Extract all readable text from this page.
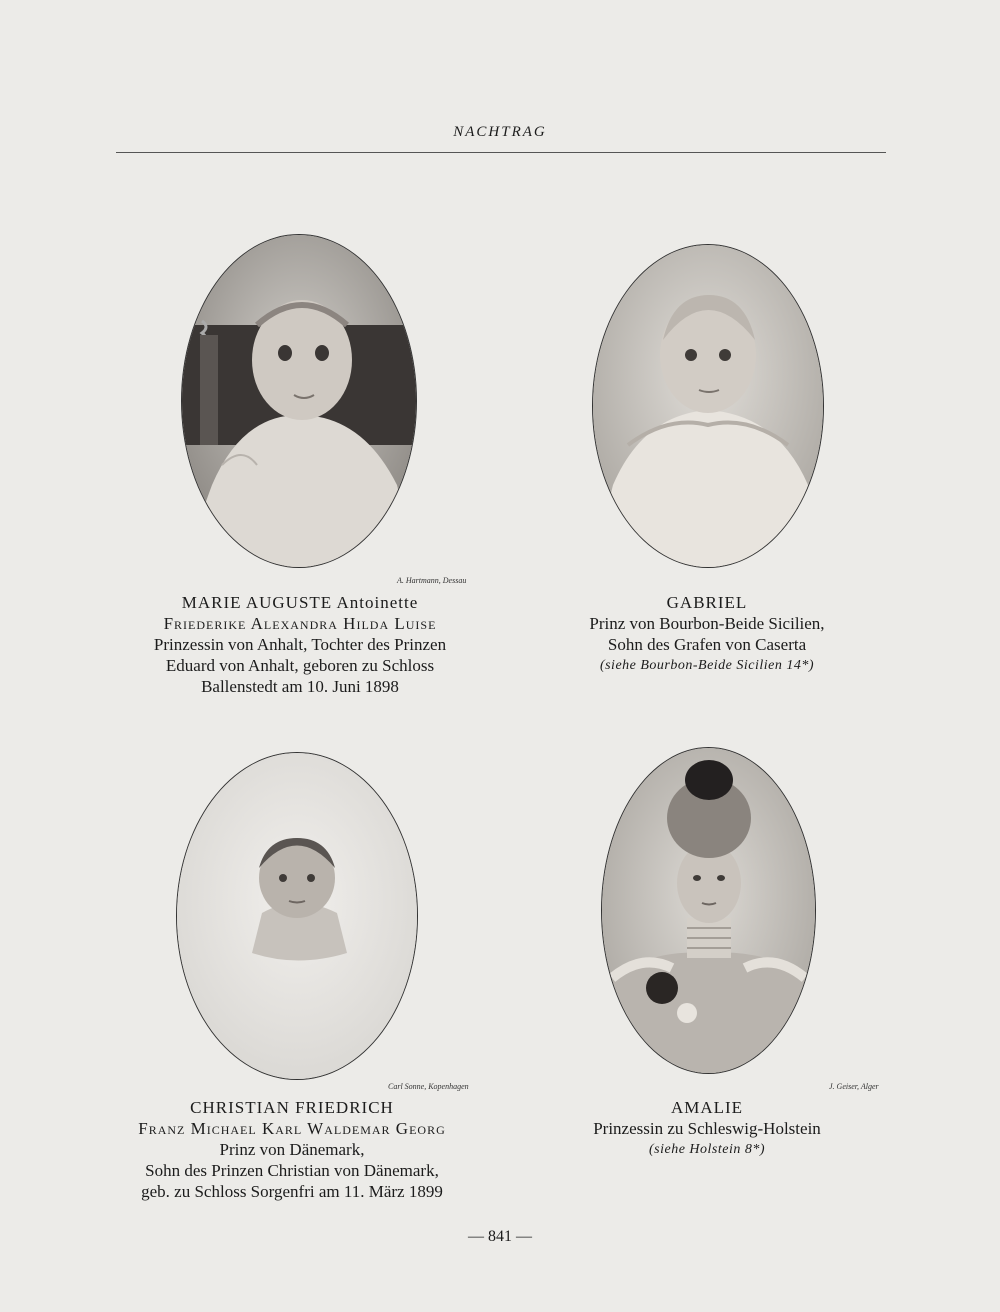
NACHTRAG
A. Hartmann, Dessau
MARIE AUGUSTE Antoinette
Friederike Alexandra Hilda Luise
Prinzessin von Anhalt, Tochter des Prinzen
Eduard von Anhalt, geboren zu Schloss
Ballenstedt am 10. Juni 1898
GABRIEL
Prinz von Bourbon-Beide Sicilien,
Sohn des Grafen von Caserta
(siehe Bourbon-Beide Sicilien 14*)
Carl Sonne, Kopenhagen
CHRISTIAN FRIEDRICH
Franz Michael Karl Waldemar Georg
Prinz von Dänemark,
Sohn des Prinzen Christian von Dänemark,
geb. zu Schloss Sorgenfri am 11. März 1899
J. Geiser, Alger
AMALIE
Prinzessin zu Schleswig-Holstein
(siehe Holstein 8*)
— 841 —
